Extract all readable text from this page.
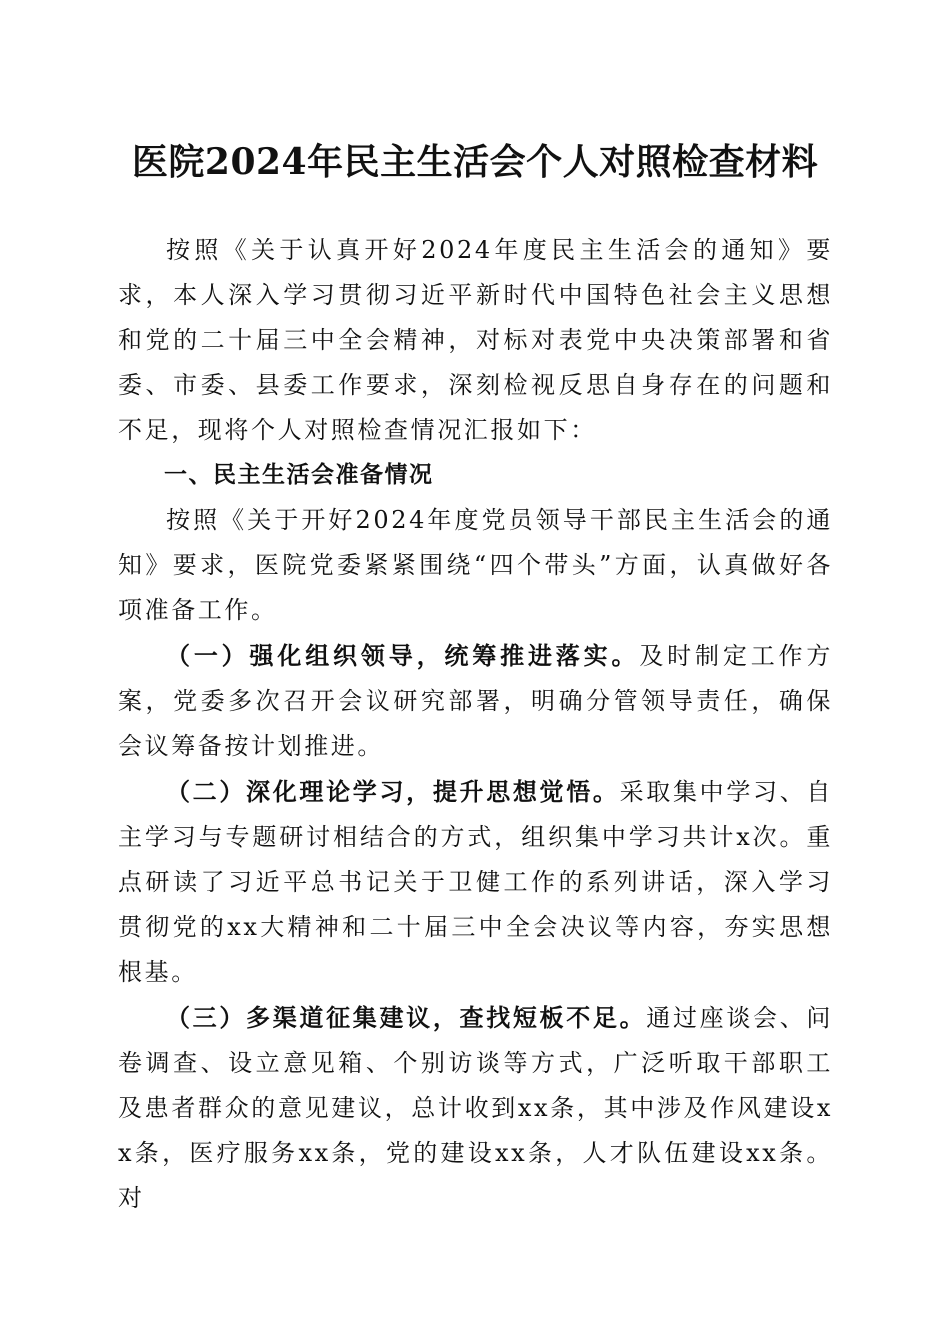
医院2024年民主生活会个人对照检查材料

按照《关于认真开好2024年度民主生活会的通知》要求，本人深入学习贯彻习近平新时代中国特色社会主义思想和党的二十届三中全会精神，对标对表党中央决策部署和省委、市委、县委工作要求，深刻检视反思自身存在的问题和不足，现将个人对照检查情况汇报如下：

一、民主生活会准备情况

按照《关于开好2024年度党员领导干部民主生活会的通知》要求，医院党委紧紧围绕“四个带头”方面，认真做好各项准备工作。

（一）强化组织领导，统筹推进落实。及时制定工作方案，党委多次召开会议研究部署，明确分管领导责任，确保会议筹备按计划推进。

（二）深化理论学习，提升思想觉悟。采取集中学习、自主学习与专题研讨相结合的方式，组织集中学习共计x次。重点研读了习近平总书记关于卫健工作的系列讲话，深入学习贯彻党的xx大精神和二十届三中全会决议等内容，夯实思想根基。

（三）多渠道征集建议，查找短板不足。通过座谈会、问卷调查、设立意见箱、个别访谈等方式，广泛听取干部职工及患者群众的意见建议，总计收到xx条，其中涉及作风建设xx条，医疗服务xx条，党的建设xx条，人才队伍建设xx条。对
